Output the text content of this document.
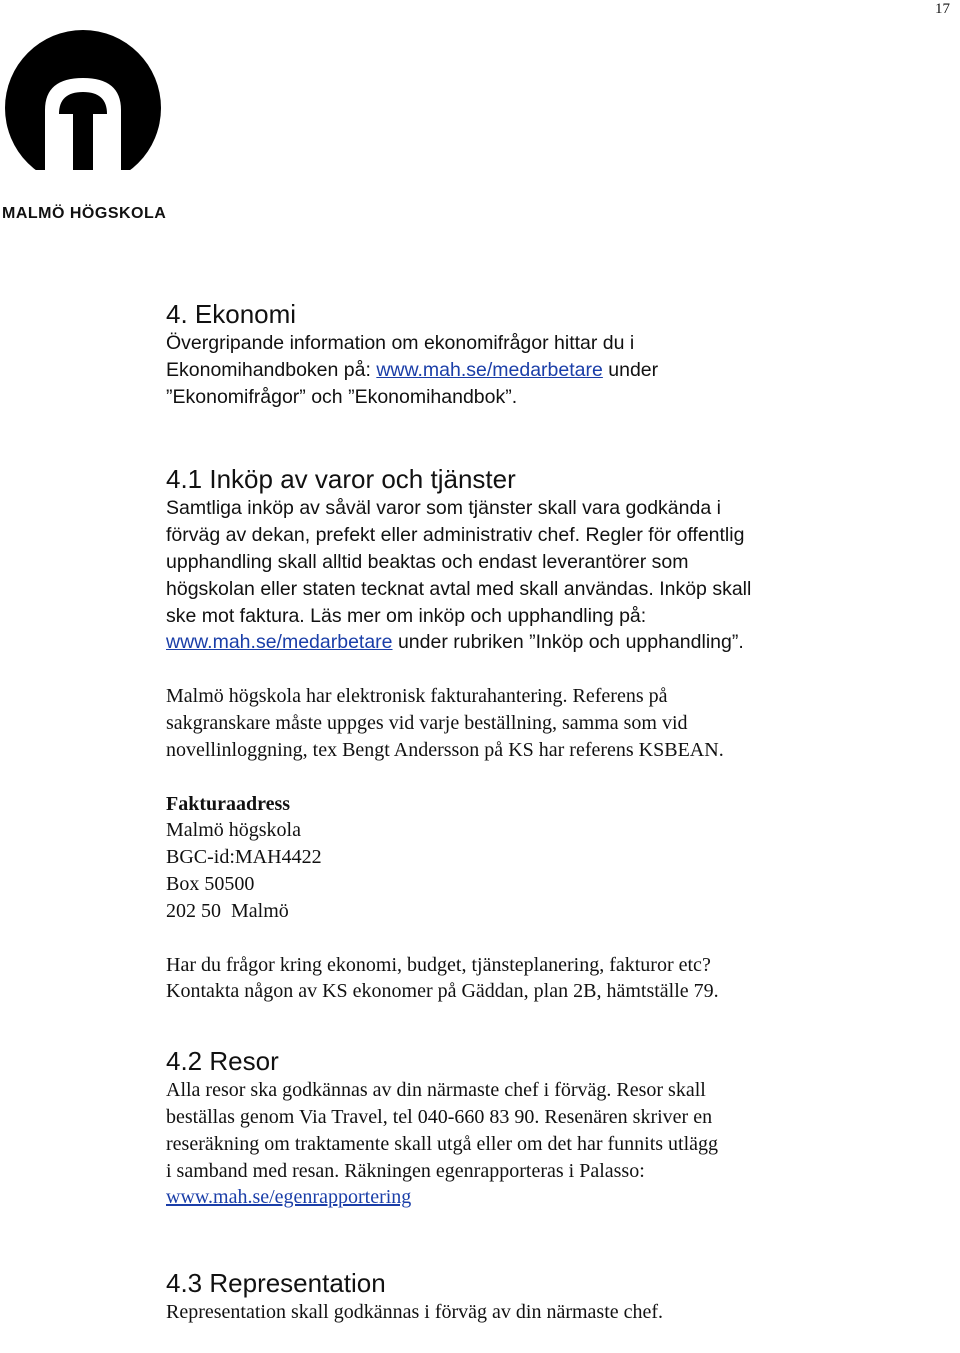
17
MALMÖ HÖGSKOLA
4. Ekonomi

Övergripande information om ekonomifrågor hittar du i
Ekonomihandboken på: www.mah.se/medarbetare under
”Ekonomifrågor” och ”Ekonomihandbok”.

4.1 Inköp av varor och tjänster

Samtliga inköp av såväl varor som tjänster skall vara godkända i
förväg av dekan, prefekt eller administrativ chef. Regler för offentlig
upphandling skall alltid beaktas och endast leverantörer som
högskolan eller staten tecknat avtal med skall användas. Inköp skall
ske mot faktura. Läs mer om inköp och upphandling på:
www.mah.se/medarbetare under rubriken ”Inköp och upphandling”.

Malmö högskola har elektronisk fakturahantering. Referens på
sakgranskare måste uppges vid varje beställning, samma som vid
novellinloggning, tex Bengt Andersson på KS har referens KSBEAN.

Fakturaadress
Malmö högskola
BGC-id:MAH4422
Box 50500
202 50  Malmö

Har du frågor kring ekonomi, budget, tjänsteplanering, fakturor etc?
Kontakta någon av KS ekonomer på Gäddan, plan 2B, hämtställe 79.

4.2 Resor

Alla resor ska godkännas av din närmaste chef i förväg. Resor skall
beställas genom Via Travel, tel 040-660 83 90. Resenären skriver en
reseräkning om traktamente skall utgå eller om det har funnits utlägg
i samband med resan. Räkningen egenrapporteras i Palasso:
www.mah.se/egenrapportering

4.3 Representation

Representation skall godkännas i förväg av din närmaste chef.
